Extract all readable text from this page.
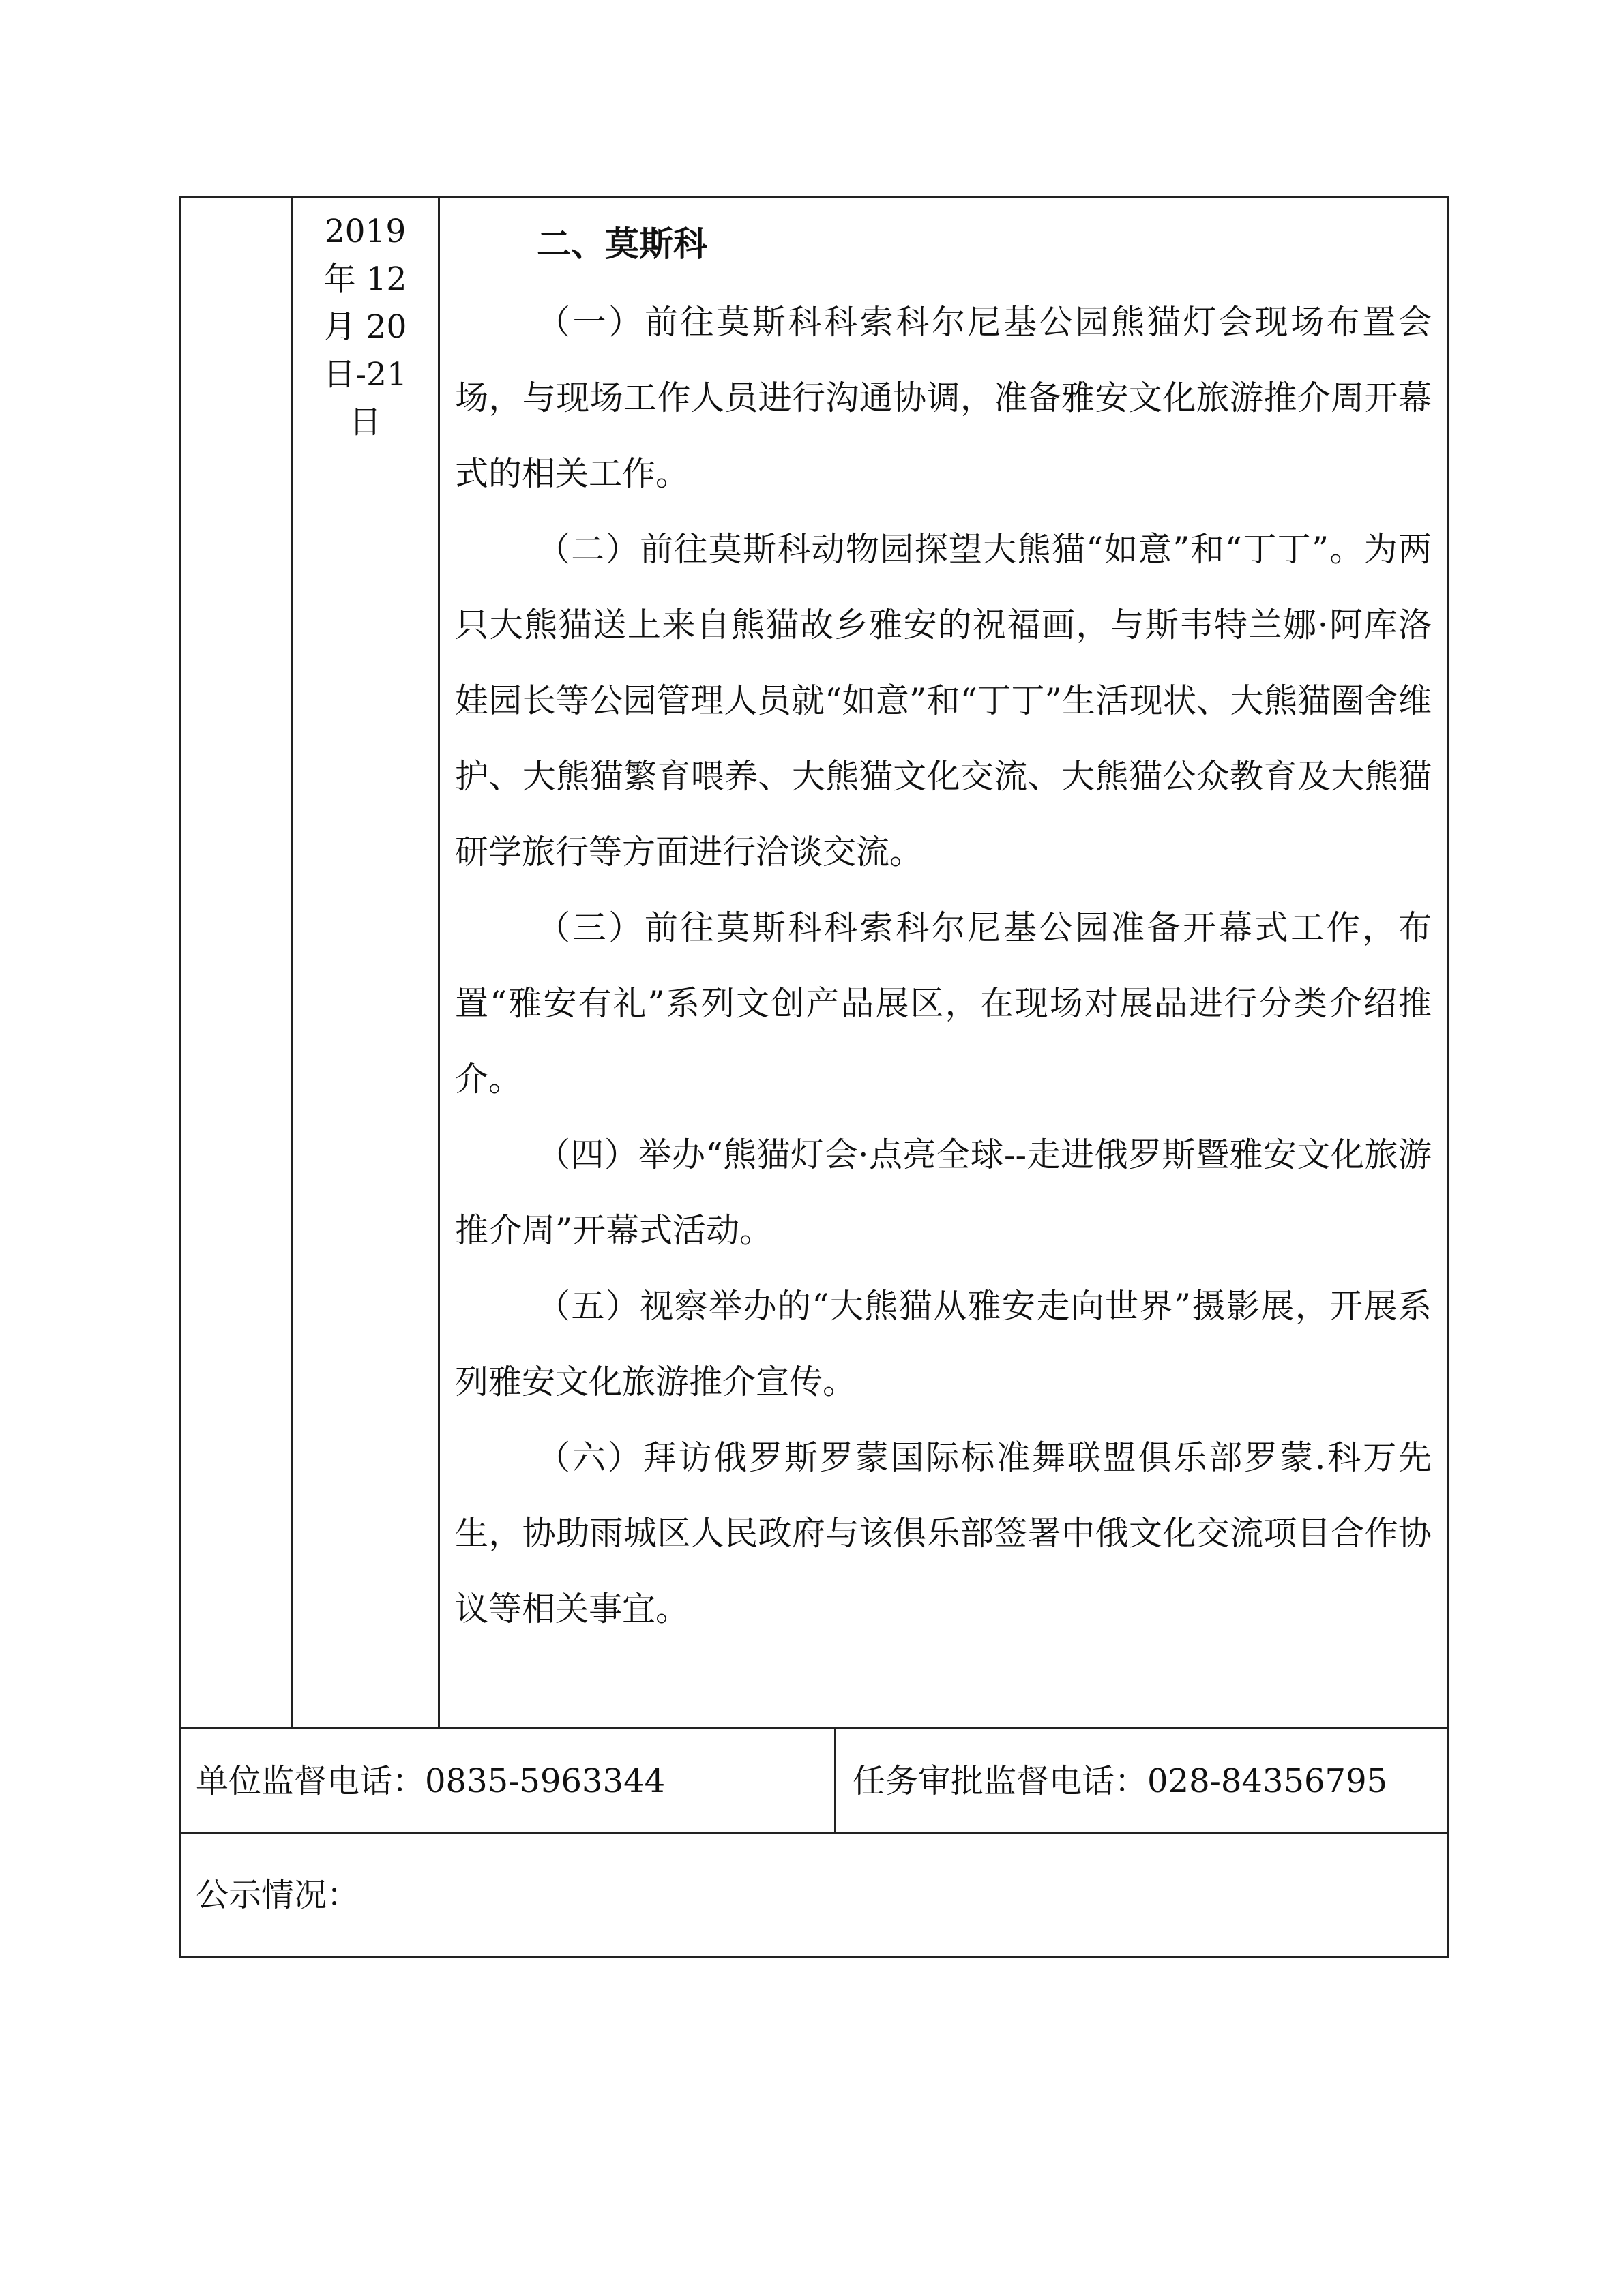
2019
年 12
月 20
日-21
日

二、莫斯科

（一）前往莫斯科科索科尔尼基公园熊猫灯会现场布置会场，与现场工作人员进行沟通协调，准备雅安文化旅游推介周开幕式的相关工作。

（二）前往莫斯科动物园探望大熊猫“如意”和“丁丁”。为两只大熊猫送上来自熊猫故乡雅安的祝福画，与斯韦特兰娜·阿库洛娃园长等公园管理人员就“如意”和“丁丁”生活现状、大熊猫圈舍维护、大熊猫繁育喂养、大熊猫文化交流、大熊猫公众教育及大熊猫研学旅行等方面进行洽谈交流。

（三）前往莫斯科科索科尔尼基公园准备开幕式工作，布置“雅安有礼”系列文创产品展区，在现场对展品进行分类介绍推介。

（四）举办“熊猫灯会·点亮全球--走进俄罗斯暨雅安文化旅游推介周”开幕式活动。

（五）视察举办的“大熊猫从雅安走向世界”摄影展，开展系列雅安文化旅游推介宣传。

（六）拜访俄罗斯罗蒙国际标准舞联盟俱乐部罗蒙.科万先生，协助雨城区人民政府与该俱乐部签署中俄文化交流项目合作协议等相关事宜。

单位监督电话：0835-5963344	任务审批监督电话：028-84356795
公示情况：
